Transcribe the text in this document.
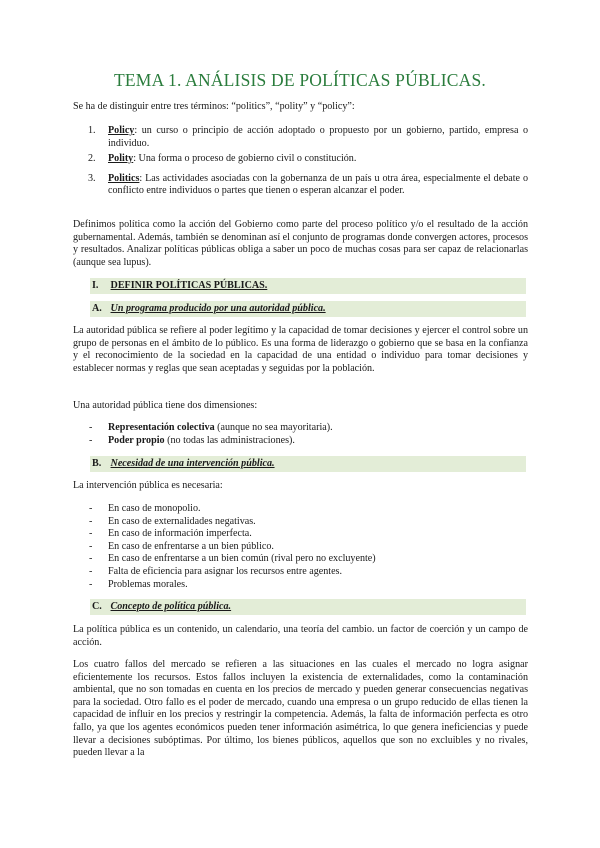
TEMA 1. ANÁLISIS DE POLÍTICAS PÚBLICAS.

Se ha de distinguir entre tres términos: “politics”, “polity” y “policy”:

1. Policy: un curso o principio de acción adoptado o propuesto por un gobierno, partido, empresa o individuo.
2. Polity: Una forma o proceso de gobierno civil o constitución.
3. Politics: Las actividades asociadas con la gobernanza de un país u otra área, especialmente el debate o conflicto entre individuos o partes que tienen o esperan alcanzar el poder.

Definimos política como la acción del Gobierno como parte del proceso político y/o el resultado de la acción gubernamental. Además, también se denominan así el conjunto de programas donde convergen actores, procesos y resultados. Analizar políticas públicas obliga a saber un poco de muchas cosas para ser capaz de relacionarlas (aunque sea lupus).

I. DEFINIR POLÍTICAS PÚBLICAS.
A. Un programa producido por una autoridad pública.

La autoridad pública se refiere al poder legítimo y la capacidad de tomar decisiones y ejercer el control sobre un grupo de personas en el ámbito de lo público. Es una forma de liderazgo o gobierno que se basa en la confianza y el reconocimiento de la sociedad en la capacidad de una entidad o individuo para tomar decisiones y establecer normas y reglas que sean aceptadas y seguidas por la población.

Una autoridad pública tiene dos dimensiones:

- Representación colectiva (aunque no sea mayoritaria).
- Poder propio (no todas las administraciones).
B. Necesidad de una intervención pública.

La intervención pública es necesaria:

- En caso de monopolio.
- En caso de externalidades negativas.
- En caso de información imperfecta.
- En caso de enfrentarse a un bien público.
- En caso de enfrentarse a un bien común (rival pero no excluyente)
- Falta de eficiencia para asignar los recursos entre agentes.
- Problemas morales.
C. Concepto de política pública.

La política pública es un contenido, un calendario, una teoría del cambio. un factor de coerción y un campo de acción.

Los cuatro fallos del mercado se refieren a las situaciones en las cuales el mercado no logra asignar eficientemente los recursos. Estos fallos incluyen la existencia de externalidades, como la contaminación ambiental, que no son tomadas en cuenta en los precios de mercado y pueden generar consecuencias negativas para la sociedad. Otro fallo es el poder de mercado, cuando una empresa o un grupo reducido de ellas tienen la capacidad de influir en los precios y restringir la competencia. Además, la falta de información perfecta es otro fallo, ya que los agentes económicos pueden tener información asimétrica, lo que genera ineficiencias y puede llevar a decisiones subóptimas. Por último, los bienes públicos, aquellos que son no excluibles y no rivales, pueden llevar a la
